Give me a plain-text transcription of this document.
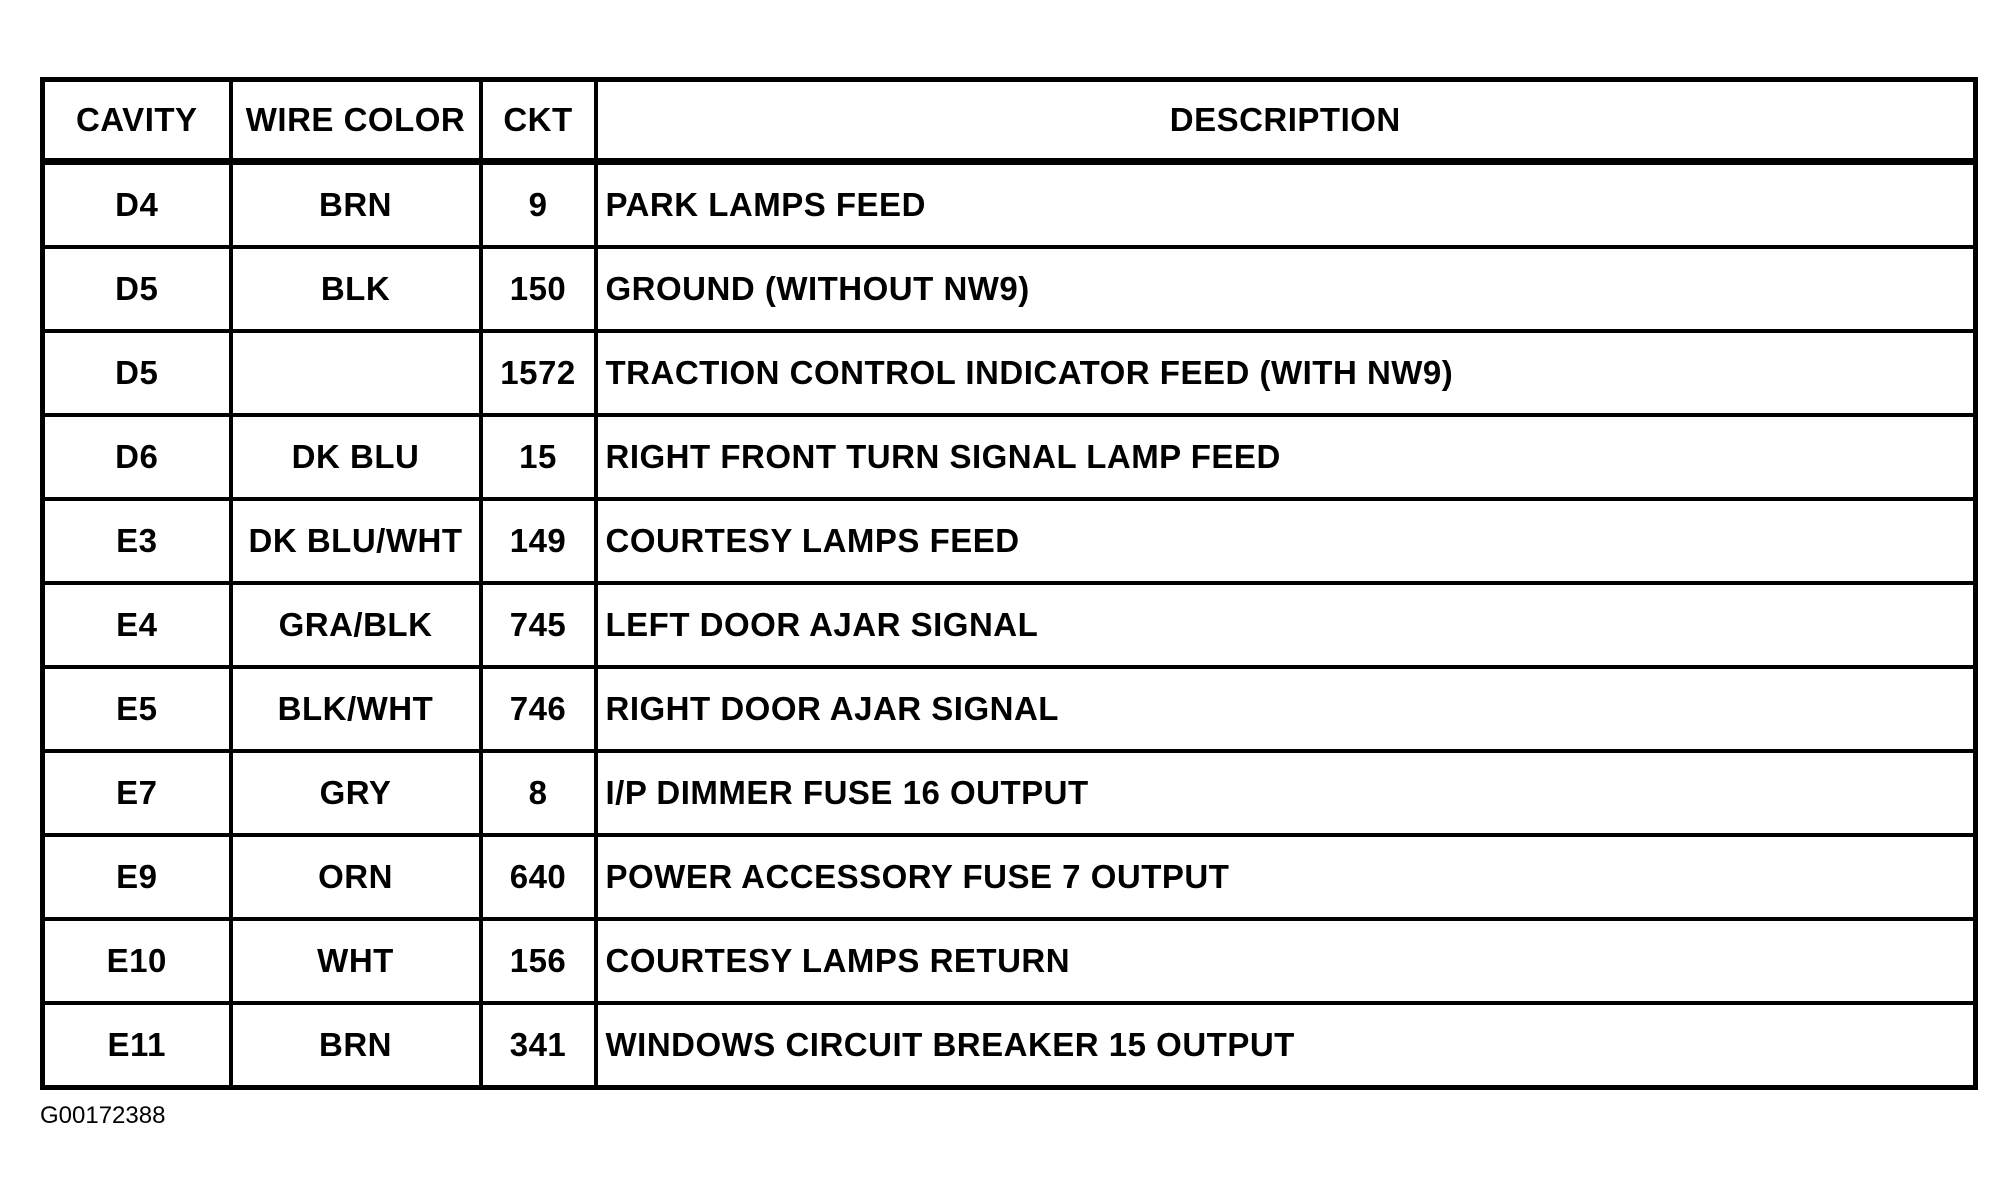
CAVITY	WIRE COLOR	CKT	DESCRIPTION
D4	BRN	9	PARK LAMPS FEED
D5	BLK	150	GROUND (WITHOUT NW9)
D5		1572	TRACTION CONTROL INDICATOR FEED (WITH NW9)
D6	DK BLU	15	RIGHT FRONT TURN SIGNAL LAMP FEED
E3	DK BLU/WHT	149	COURTESY LAMPS FEED
E4	GRA/BLK	745	LEFT DOOR AJAR SIGNAL
E5	BLK/WHT	746	RIGHT DOOR AJAR SIGNAL
E7	GRY	8	I/P DIMMER FUSE 16 OUTPUT
E9	ORN	640	POWER ACCESSORY FUSE 7 OUTPUT
E10	WHT	156	COURTESY LAMPS RETURN
E11	BRN	341	WINDOWS CIRCUIT BREAKER 15 OUTPUT
G00172388
